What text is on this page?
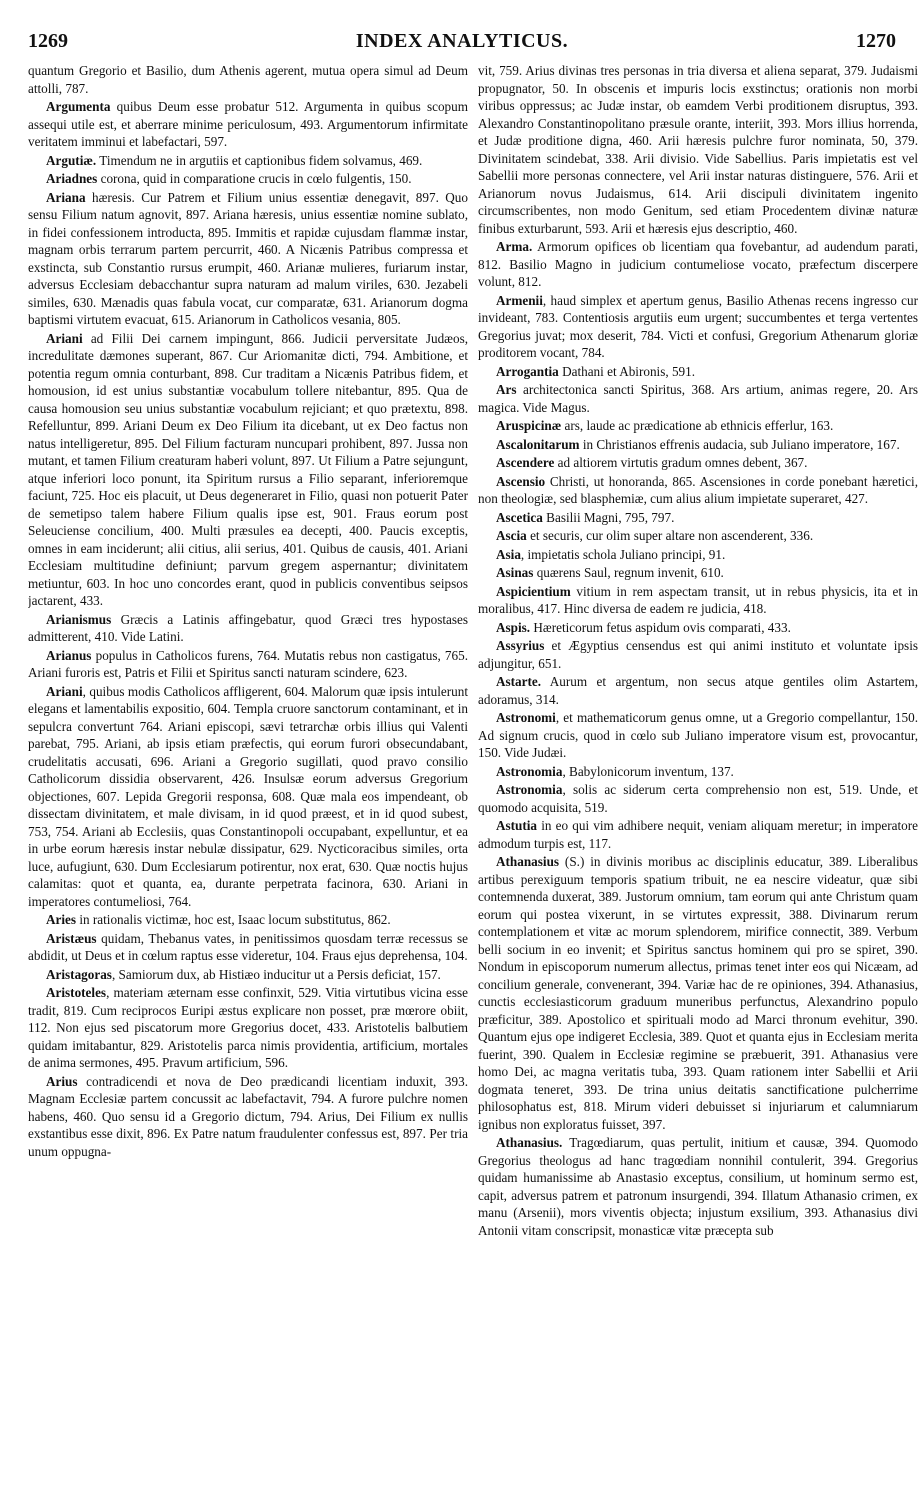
1269	INDEX ANALYTICUS.	1270

quantum Gregorio et Basilio, dum Athenis agerent, mutua opera simul ad Deum attolli, 787.

Argumenta quibus Deum esse probatur 512. Argumenta in quibus scopum assequi utile est, et aberrare minime periculosum, 493. Argumentorum infirmitate veritatem imminui et labefactari, 597.

Argutiæ. Timendum ne in argutiis et captionibus fidem solvamus, 469.

Ariadnes corona, quid in comparatione crucis in cœlo fulgentis, 150.

Ariana hæresis. Cur Patrem et Filium unius essentiæ denegavit, 897. Quo sensu Filium natum agnovit, 897. Ariana hæresis, unius essentiæ nomine sublato, in fidei confessionem introducta, 895. Immitis et rapidæ cujusdam flammæ instar, magnam orbis terrarum partem percurrit, 460. A Nicænis Patribus compressa et exstincta, sub Constantio rursus erumpit, 460. Arianæ mulieres, furiarum instar, adversus Ecclesiam debacchantur supra naturam ad malum viriles, 630. Jezabeli similes, 630. Mænadis quas fabula vocat, cur comparatæ, 631. Arianorum dogma baptismi virtutem evacuat, 615. Arianorum in Catholicos vesania, 805.

Ariani ad Filii Dei carnem impingunt, 866. Judicii perversitate Judæos, incredulitate dæmones superant, 867. Cur Ariomanitæ dicti, 794. Ambitione, et potentia regum omnia conturbant, 898. Cur traditam a Nicænis Patribus fidem, et homousion, id est unius substantiæ vocabulum tollere nitebantur, 895. Qua de causa homousion seu unius substantiæ vocabulum rejiciant; et quo prætextu, 898. Refelluntur, 899. Ariani Deum ex Deo Filium ita dicebant, ut ex Deo factus non natus intelligeretur, 895. Del Filium facturam nuncupari prohibent, 897. Jussa non mutant, et tamen Filium creaturam haberi volunt, 897. Ut Filium a Patre sejungunt, atque inferiori loco ponunt, ita Spiritum rursus a Filio separant, inferioremque faciunt, 725. Hoc eis placuit, ut Deus degeneraret in Filio, quasi non potuerit Pater de semetipso talem habere Filium qualis ipse est, 901. Fraus eorum post Seleuciense concilium, 400. Multi præsules ea decepti, 400. Paucis exceptis, omnes in eam inciderunt; alii citius, alii serius, 401. Quibus de causis, 401. Ariani Ecclesiam multitudine definiunt; parvum gregem aspernantur; divinitatem metiuntur, 603. In hoc uno concordes erant, quod in publicis conventibus seipsos jactarent, 433.

Arianismus Græcis a Latinis affingebatur, quod Græci tres hypostases admitterent, 410. Vide Latini.

Arianus populus in Catholicos furens, 764. Mutatis rebus non castigatus, 765. Ariani furoris est, Patris et Filii et Spiritus sancti naturam scindere, 623.

Ariani, quibus modis Catholicos affligerent, 604. Malorum quæ ipsis intulerunt elegans et lamentabilis expositio, 604. Templa cruore sanctorum contaminant, et in sepulcra convertunt 764. Ariani episcopi, sævi tetrarchæ orbis illius qui Valenti parebat, 795. Ariani, ab ipsis etiam præfectis, qui eorum furori obsecundabant, crudelitatis accusati, 696. Ariani a Gregorio sugillati, quod pravo consilio Catholicorum dissidia observarent, 426. Insulsæ eorum adversus Gregorium objectiones, 607. Lepida Gregorii responsa, 608. Quæ mala eos impendeant, ob dissectam divinitatem, et male divisam, in id quod præest, et in id quod subest, 753, 754. Ariani ab Ecclesiis, quas Constantinopoli occupabant, expelluntur, et ea in urbe eorum hæresis instar nebulæ dissipatur, 629. Nycticoracibus similes, orta luce, aufugiunt, 630. Dum Ecclesiarum potirentur, nox erat, 630. Quæ noctis hujus calamitas: quot et quanta, ea, durante perpetrata facinora, 630. Ariani in imperatores contumeliosi, 764.

Aries in rationalis victimæ, hoc est, Isaac locum substitutus, 862.

Aristæus quidam, Thebanus vates, in penitissimos quosdam terræ recessus se abdidit, ut Deus et in cœlum raptus esse videretur, 104. Fraus ejus deprehensa, 104.

Aristagoras, Samiorum dux, ab Histiæo inducitur ut a Persis deficiat, 157.

Aristoteles, materiam æternam esse confinxit, 529. Vitia virtutibus vicina esse tradit, 819. Cum reciprocos Euripi æstus explicare non posset, præ mœrore obiit, 112. Non ejus sed piscatorum more Gregorius docet, 433. Aristotelis balbutiem quidam imitabantur, 829. Aristotelis parca nimis providentia, artificium, mortales de anima sermones, 495. Pravum artificium, 596.

Arius contradicendi et nova de Deo prædicandi licentiam induxit, 393. Magnam Ecclesiæ partem concussit ac labefactavit, 794. A furore pulchre nomen habens, 460. Quo sensu id a Gregorio dictum, 794. Arius, Dei Filium ex nullis exstantibus esse dixit, 896. Ex Patre natum fraudulenter confessus est, 897. Per tria unum oppugna-

vit, 759. Arius divinas tres personas in tria diversa et aliena separat, 379. Judaismi propugnator, 50. In obscenis et impuris locis exstinctus; orationis non morbi viribus oppressus; ac Judæ instar, ob eamdem Verbi proditionem disruptus, 393. Alexandro Constantinopolitano præsule orante, interiit, 393. Mors illius horrenda, et Judæ proditione digna, 460. Arii hæresis pulchre furor nominata, 50, 379. Divinitatem scindebat, 338. Arii divisio. Vide Sabellius. Paris impietatis est vel Sabellii more personas connectere, vel Arii instar naturas distinguere, 576. Arii et Arianorum novus Judaismus, 614. Arii discipuli divinitatem ingenito circumscribentes, non modo Genitum, sed etiam Procedentem divinæ naturæ finibus exturbarunt, 593. Arii et hæresis ejus descriptio, 460.

Arma. Armorum opifices ob licentiam qua fovebantur, ad audendum parati, 812. Basilio Magno in judicium contumeliose vocato, præfectum discerpere volunt, 812.

Armenii, haud simplex et apertum genus, Basilio Athenas recens ingresso cur invideant, 783. Contentiosis argutiis eum urgent; succumbentes et terga vertentes Gregorius juvat; mox deserit, 784. Victi et confusi, Gregorium Athenarum gloriæ proditorem vocant, 784.

Arrogantia Dathani et Abironis, 591.

Ars architectonica sancti Spiritus, 368. Ars artium, animas regere, 20. Ars magica. Vide Magus.

Aruspicinæ ars, laude ac prædicatione ab ethnicis efferlur, 163.

Ascalonitarum in Christianos effrenis audacia, sub Juliano imperatore, 167.

Ascendere ad altiorem virtutis gradum omnes debent, 367.

Ascensio Christi, ut honoranda, 865. Ascensiones in corde ponebant hæretici, non theologiæ, sed blasphemiæ, cum alius alium impietate superaret, 427.

Ascetica Basilii Magni, 795, 797.

Ascia et securis, cur olim super altare non ascenderent, 336.

Asia, impietatis schola Juliano principi, 91.

Asinas quærens Saul, regnum invenit, 610.

Aspicientium vitium in rem aspectam transit, ut in rebus physicis, ita et in moralibus, 417. Hinc diversa de eadem re judicia, 418.

Aspis. Hæreticorum fetus aspidum ovis comparati, 433.

Assyrius et Ægyptius censendus est qui animi instituto et voluntate ipsis adjungitur, 651.

Astarte. Aurum et argentum, non secus atque gentiles olim Astartem, adoramus, 314.

Astronomi, et mathematicorum genus omne, ut a Gregorio compellantur, 150. Ad signum crucis, quod in cœlo sub Juliano imperatore visum est, provocantur, 150. Vide Judæi.

Astronomia, Babylonicorum inventum, 137.

Astronomia, solis ac siderum certa comprehensio non est, 519. Unde, et quomodo acquisita, 519.

Astutia in eo qui vim adhibere nequit, veniam aliquam meretur; in imperatore admodum turpis est, 117.

Athanasius (S.) in divinis moribus ac disciplinis educatur, 389. Liberalibus artibus perexiguum temporis spatium tribuit, ne ea nescire videatur, quæ sibi contemnenda duxerat, 389. Justorum omnium, tam eorum qui ante Christum quam eorum qui postea vixerunt, in se virtutes expressit, 388. Divinarum rerum contemplationem et vitæ ac morum splendorem, mirifice connectit, 389. Verbum belli socium in eo invenit; et Spiritus sanctus hominem qui pro se spiret, 390. Nondum in episcoporum numerum allectus, primas tenet inter eos qui Nicæam, ad concilium generale, convenerant, 394. Variæ hac de re opiniones, 394. Athanasius, cunctis ecclesiasticorum graduum muneribus perfunctus, Alexandrino populo præficitur, 389. Apostolico et spirituali modo ad Marci thronum evehitur, 390. Quantum ejus ope indigeret Ecclesia, 389. Quot et quanta ejus in Ecclesiam merita fuerint, 390. Qualem in Ecclesiæ regimine se præbuerit, 391. Athanasius vere homo Dei, ac magna veritatis tuba, 393. Quam rationem inter Sabellii et Arii dogmata teneret, 393. De trina unius deitatis sanctificatione pulcherrime philosophatus est, 818. Mirum videri debuisset si injuriarum et calumniarum ignibus non exploratus fuisset, 397.

Athanasius. Tragœdiarum, quas pertulit, initium et causæ, 394. Quomodo Gregorius theologus ad hanc tragœdiam nonnihil contulerit, 394. Gregorius quidam humanissime ab Anastasio exceptus, consilium, ut hominum sermo est, capit, adversus patrem et patronum insurgendi, 394. Illatum Athanasio crimen, ex manu (Arsenii), mors viventis objecta; injustum exsilium, 393. Athanasius divi Antonii vitam conscripsit, monasticæ vitæ præcepta sub
